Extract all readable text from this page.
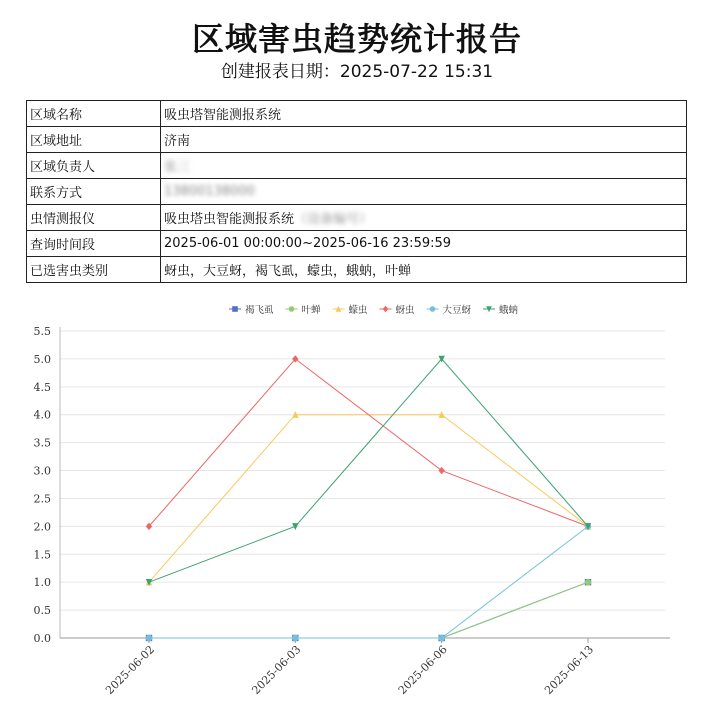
区域害虫趋势统计报告
创建报表日期：2025-07-22 15:31
区域名称	吸虫塔智能测报系统
区域地址	济南
区域负责人	张三
联系方式	13800138000
虫情测报仪	吸虫塔虫智能测报系统（设备编号）
查询时间段	2025-06-01 00:00:00~2025-06-16 23:59:59
已选害虫类别	蚜虫，大豆蚜，褐飞虱，蠓虫，蛾蚋，叶蝉
褐飞虱	叶蝉	蠓虫	蚜虫	大豆蚜	蛾蚋
0.0
0.5
1.0
1.5
2.0
2.5
3.0
3.5
4.0
4.5
5.0
5.5
2025-06-02	2025-06-03	2025-06-06	2025-06-13
